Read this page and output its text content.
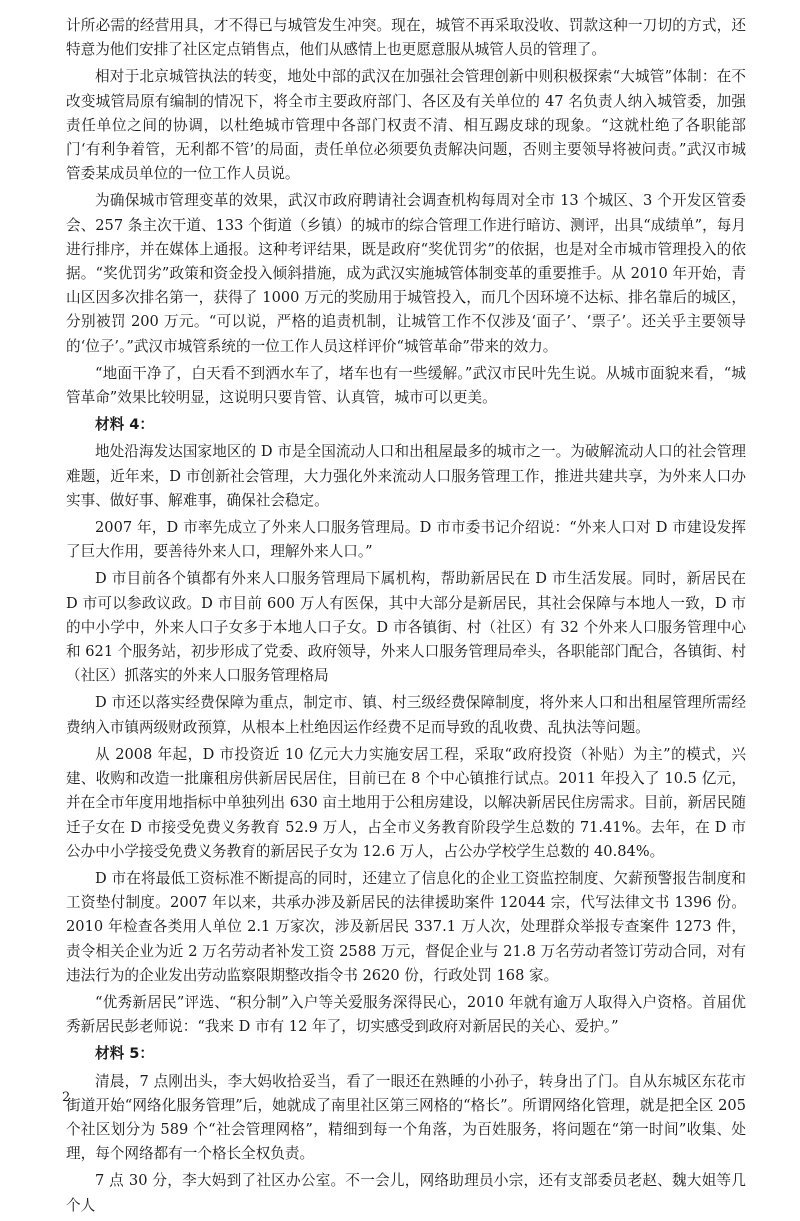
计所必需的经营用具，才不得已与城管发生冲突。现在，城管不再采取没收、罚款这种一刀切的方式，还特意为他们安排了社区定点销售点，他们从感情上也更愿意服从城管人员的管理了。

相对于北京城管执法的转变，地处中部的武汉在加强社会管理创新中则积极探索“大城管”体制：在不改变城管局原有编制的情况下，将全市主要政府部门、各区及有关单位的 47 名负责人纳入城管委，加强责任单位之间的协调，以杜绝城市管理中各部门权责不清、相互踢皮球的现象。“这就杜绝了各职能部门‘有利争着管，无利都不管’的局面，责任单位必须要负责解决问题，否则主要领导将被问责。”武汉市城管委某成员单位的一位工作人员说。

为确保城市管理变革的效果，武汉市政府聘请社会调查机构每周对全市 13 个城区、3 个开发区管委会、257 条主次干道、133 个街道（乡镇）的城市的综合管理工作进行暗访、测评，出具“成绩单”，每月进行排序，并在媒体上通报。这种考评结果，既是政府“奖优罚劣”的依据，也是对全市城市管理投入的依据。“奖优罚劣”政策和资金投入倾斜措施，成为武汉实施城管体制变革的重要推手。从 2010 年开始，青山区因多次排名第一，获得了 1000 万元的奖励用于城管投入，而几个因环境不达标、排名靠后的城区，分别被罚 200 万元。“可以说，严格的追责机制，让城管工作不仅涉及‘面子’、‘票子’。还关乎主要领导的‘位子’。”武汉市城管系统的一位工作人员这样评价“城管革命”带来的效力。

“地面干净了，白天看不到洒水车了，堵车也有一些缓解。”武汉市民叶先生说。从城市面貌来看，“城管革命”效果比较明显，这说明只要肯管、认真管，城市可以更美。

材料 4：

地处沿海发达国家地区的 D 市是全国流动人口和出租屋最多的城市之一。为破解流动人口的社会管理难题，近年来，D 市创新社会管理，大力强化外来流动人口服务管理工作，推进共建共享，为外来人口办实事、做好事、解难事，确保社会稳定。

2007 年，D 市率先成立了外来人口服务管理局。D 市市委书记介绍说：“外来人口对 D 市建设发挥了巨大作用，要善待外来人口，理解外来人口。”

D 市目前各个镇都有外来人口服务管理局下属机构，帮助新居民在 D 市生活发展。同时，新居民在 D 市可以参政议政。D 市目前 600 万人有医保，其中大部分是新居民，其社会保障与本地人一致，D 市的中小学中，外来人口子女多于本地人口子女。D 市各镇街、村（社区）有 32 个外来人口服务管理中心和 621 个服务站，初步形成了党委、政府领导，外来人口服务管理局牵头，各职能部门配合，各镇街、村（社区）抓落实的外来人口服务管理格局

D 市还以落实经费保障为重点，制定市、镇、村三级经费保障制度，将外来人口和出租屋管理所需经费纳入市镇两级财政预算，从根本上杜绝因运作经费不足而导致的乱收费、乱执法等问题。

从 2008 年起，D 市投资近 10 亿元大力实施安居工程，采取“政府投资（补贴）为主”的模式，兴建、收购和改造一批廉租房供新居民居住，目前已在 8 个中心镇推行试点。2011 年投入了 10.5 亿元，并在全市年度用地指标中单独列出 630 亩土地用于公租房建设，以解决新居民住房需求。目前，新居民随迁子女在 D 市接受免费义务教育 52.9 万人，占全市义务教育阶段学生总数的 71.41%。去年，在 D 市公办中小学接受免费义务教育的新居民子女为 12.6 万人，占公办学校学生总数的 40.84%。

D 市在将最低工资标准不断提高的同时，还建立了信息化的企业工资监控制度、欠薪预警报告制度和工资垫付制度。2007 年以来，共承办涉及新居民的法律援助案件 12044 宗，代写法律文书 1396 份。2010 年检查各类用人单位 2.1 万家次，涉及新居民 337.1 万人次，处理群众举报专查案件 1273 件，责令相关企业为近 2 万名劳动者补发工资 2588 万元，督促企业与 21.8 万名劳动者签订劳动合同，对有违法行为的企业发出劳动监察限期整改指令书 2620 份，行政处罚 168 家。

“优秀新居民”评选、“积分制”入户等关爱服务深得民心，2010 年就有逾万人取得入户资格。首届优秀新居民彭老师说：“我来 D 市有 12 年了，切实感受到政府对新居民的关心、爱护。”

材料 5：

清晨，7 点刚出头，李大妈收拾妥当，看了一眼还在熟睡的小孙子，转身出了门。自从东城区东花市街道开始“网络化服务管理”后，她就成了南里社区第三网格的“格长”。所谓网络化管理，就是把全区 205 个社区划分为 589 个“社会管理网格”，精细到每一个角落，为百姓服务，将问题在“第一时间”收集、处理，每个网络都有一个格长全权负责。

7 点 30 分，李大妈到了社区办公室。不一会儿，网络助理员小宗，还有支部委员老赵、魏大姐等几个人

2
